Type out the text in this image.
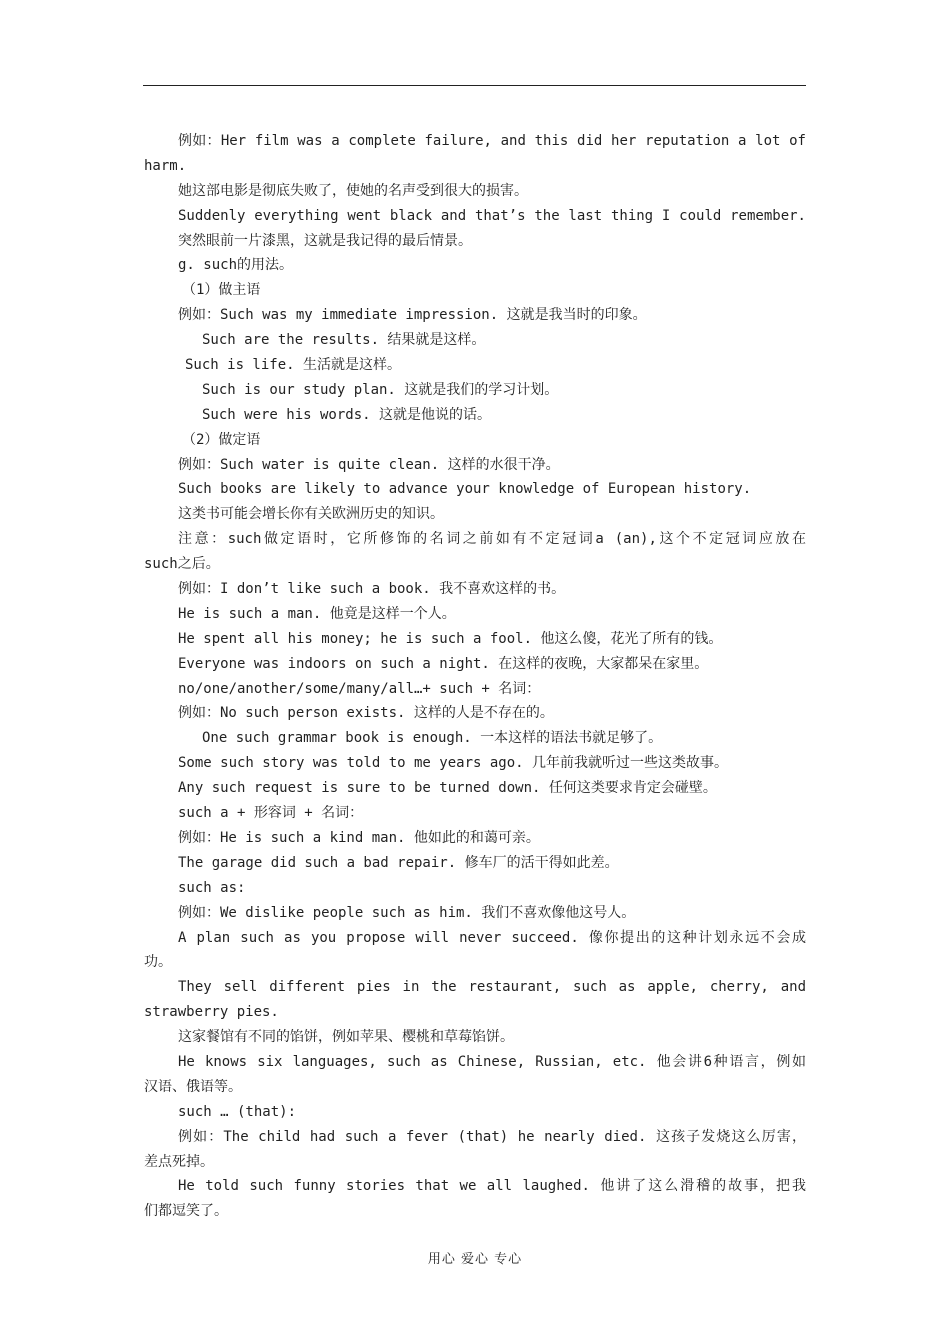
例如：Her film was a complete failure, and this did her reputation a lot of
harm.
她这部电影是彻底失败了，使她的名声受到很大的损害。
Suddenly everything went black and that’s the last thing I could remember.
突然眼前一片漆黑，这就是我记得的最后情景。
g. such的用法。
（1）做主语
例如：Such was my immediate impression. 这就是我当时的印象。
Such are the results. 结果就是这样。
Such is life. 生活就是这样。
Such is our study plan. 这就是我们的学习计划。
Such were his words. 这就是他说的话。
（2）做定语
例如：Such water is quite clean. 这样的水很干净。
Such books are likely to advance your knowledge of European history.
这类书可能会增长你有关欧洲历史的知识。
注意：such做定语时，它所修饰的名词之前如有不定冠词a (an),这个不定冠词应放在
such之后。
例如：I don’t like such a book. 我不喜欢这样的书。
He is such a man. 他竟是这样一个人。
He spent all his money; he is such a fool. 他这么傻，花光了所有的钱。
Everyone was indoors on such a night. 在这样的夜晚，大家都呆在家里。
no/one/another/some/many/all…+ such + 名词：
例如：No such person exists. 这样的人是不存在的。
One such grammar book is enough. 一本这样的语法书就足够了。
Some such story was told to me years ago. 几年前我就听过一些这类故事。
Any such request is sure to be turned down. 任何这类要求肯定会碰壁。
such a + 形容词 + 名词：
例如：He is such a kind man. 他如此的和蔼可亲。
The garage did such a bad repair. 修车厂的活干得如此差。
such as:
例如：We dislike people such as him. 我们不喜欢像他这号人。
A plan such as you propose will never succeed. 像你提出的这种计划永远不会成
功。
They sell different pies in the restaurant, such as apple, cherry, and
strawberry pies.
这家餐馆有不同的馅饼，例如苹果、樱桃和草莓馅饼。
He knows six languages, such as Chinese, Russian, etc. 他会讲6种语言，例如
汉语、俄语等。
such … (that):
例如：The child had such a fever (that) he nearly died. 这孩子发烧这么厉害，
差点死掉。
He told such funny stories that we all laughed. 他讲了这么滑稽的故事，把我
们都逗笑了。
用心 爱心 专心
